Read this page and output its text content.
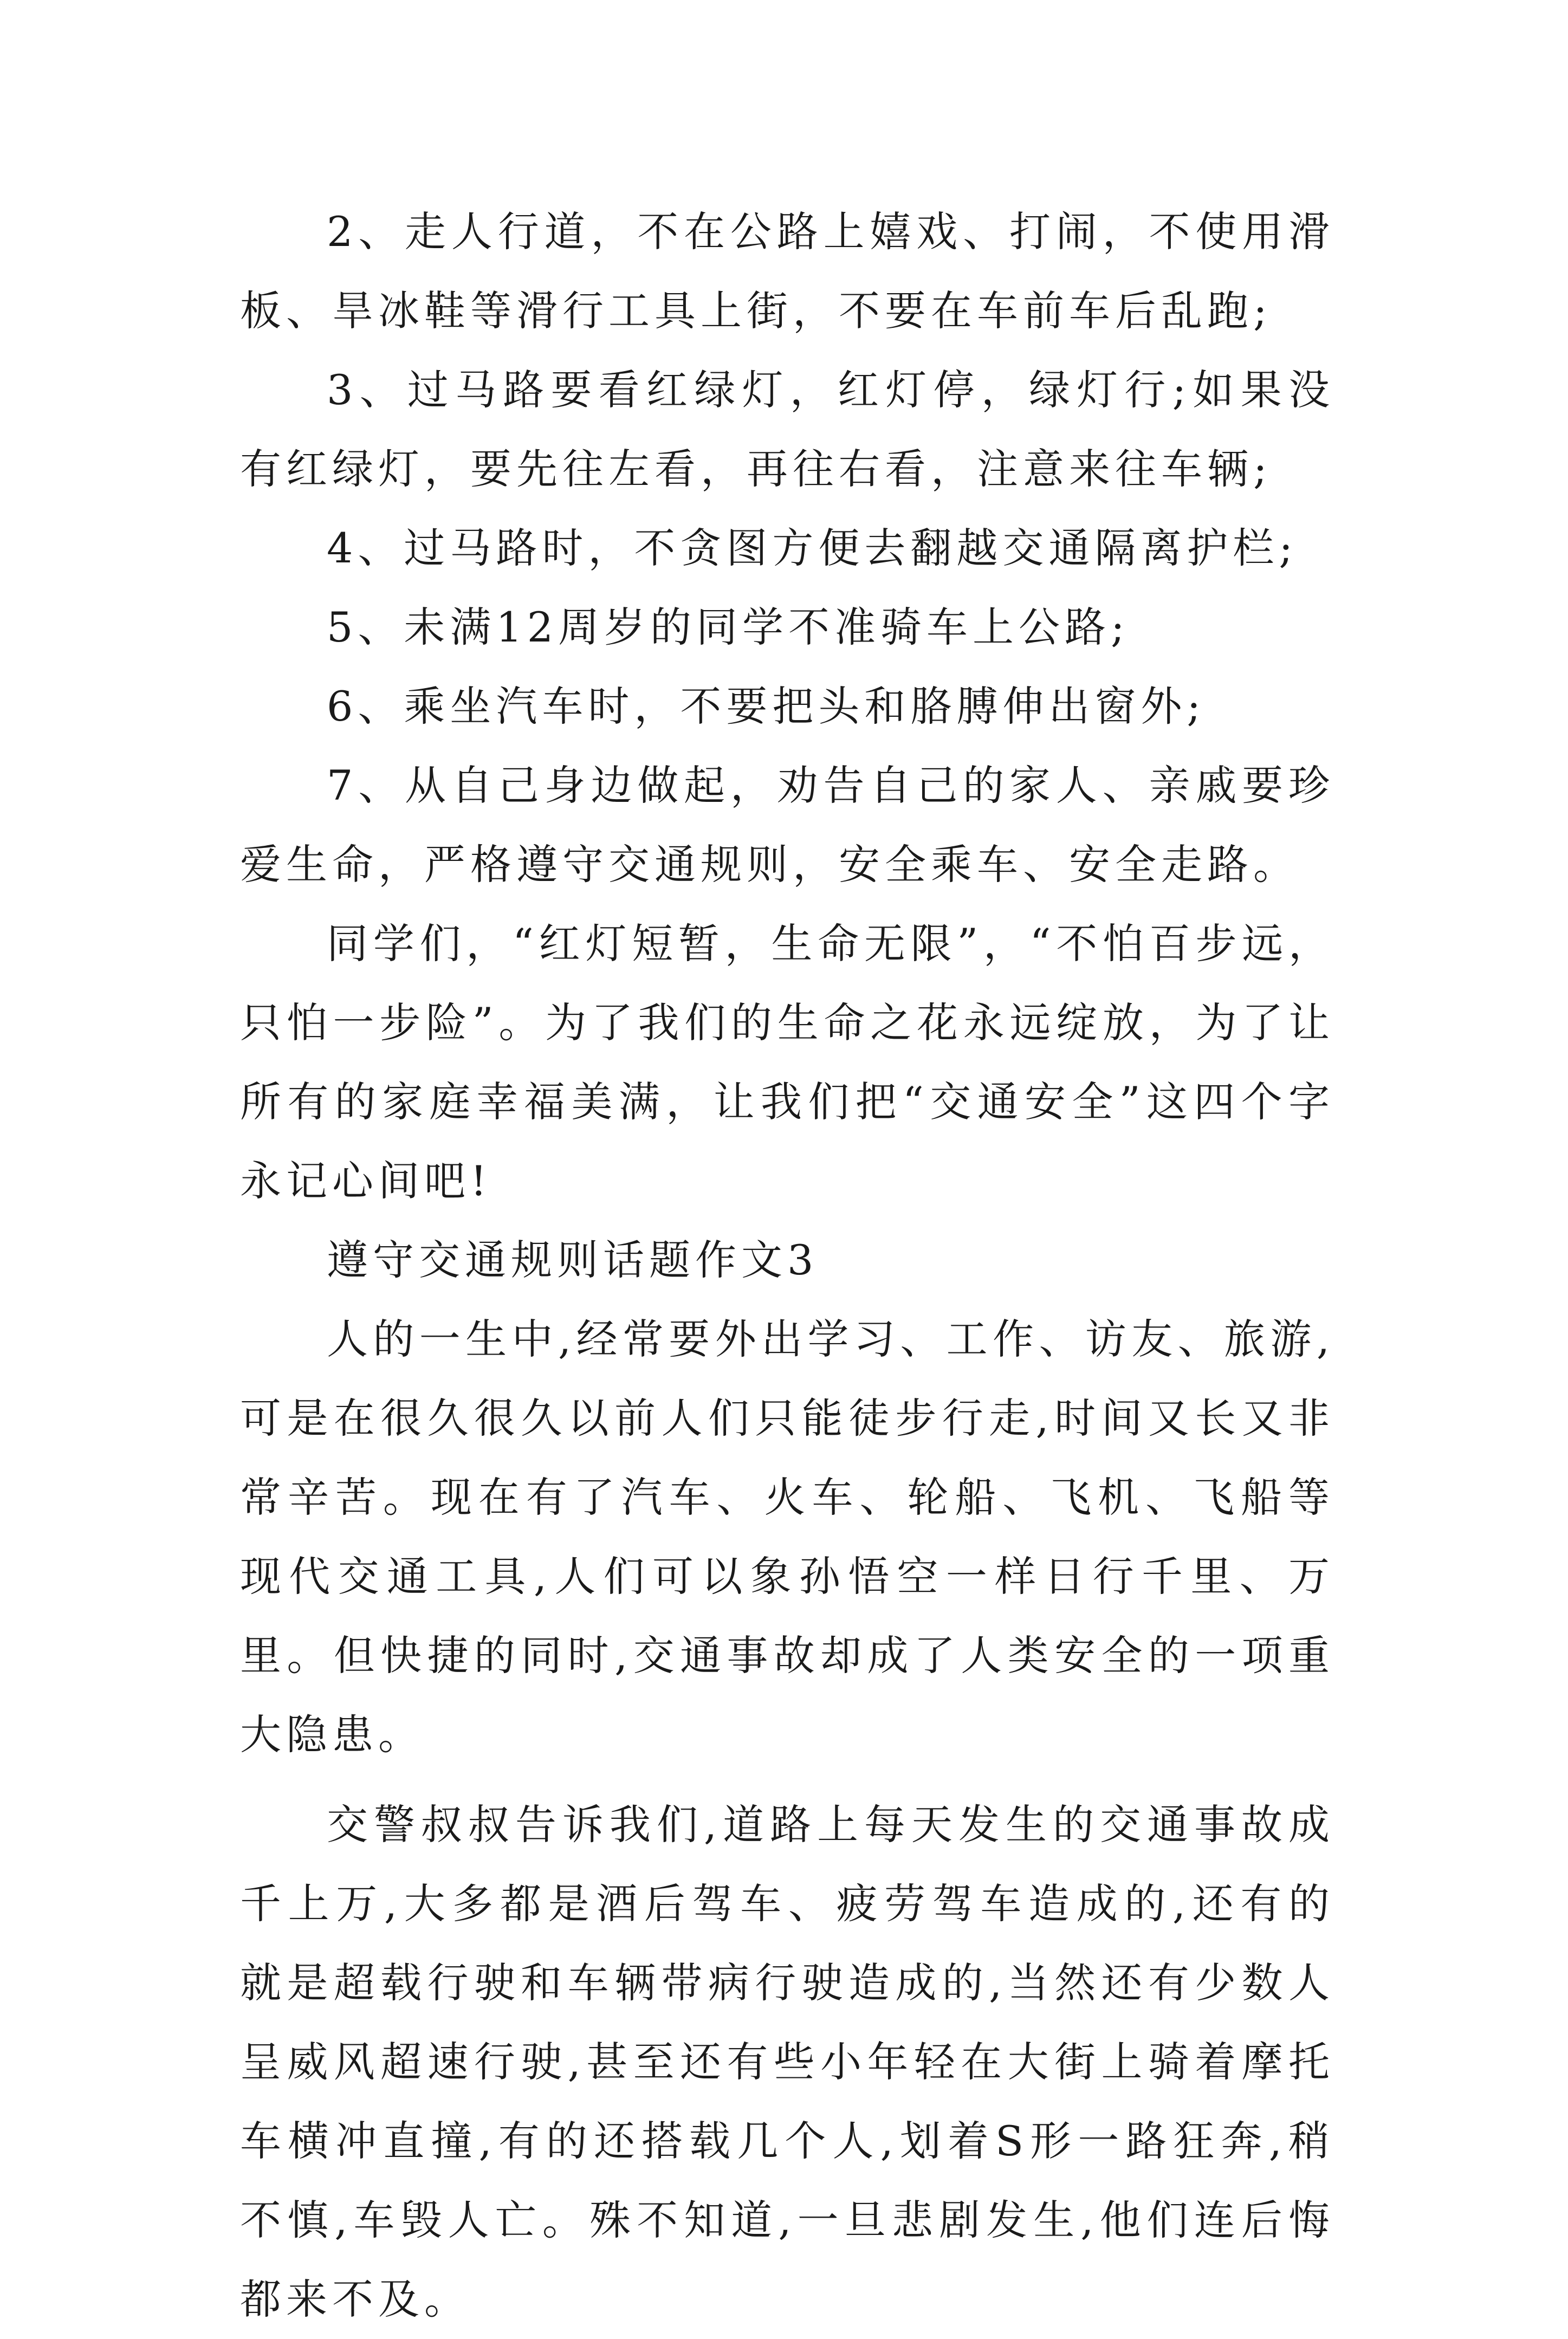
2、走人行道，不在公路上嬉戏、打闹，不使用滑板、旱冰鞋等滑行工具上街，不要在车前车后乱跑;

3、过马路要看红绿灯，红灯停，绿灯行;如果没有红绿灯，要先往左看，再往右看，注意来往车辆;

4、过马路时，不贪图方便去翻越交通隔离护栏;

5、未满12周岁的同学不准骑车上公路;

6、乘坐汽车时，不要把头和胳膊伸出窗外;

7、从自己身边做起，劝告自己的家人、亲戚要珍爱生命，严格遵守交通规则，安全乘车、安全走路。

同学们，“红灯短暂，生命无限”，“不怕百步远，只怕一步险”。为了我们的生命之花永远绽放，为了让所有的家庭幸福美满，让我们把“交通安全”这四个字永记心间吧!

遵守交通规则话题作文3

人的一生中,经常要外出学习、工作、访友、旅游,可是在很久很久以前人们只能徒步行走,时间又长又非常辛苦。现在有了汽车、火车、轮船、飞机、飞船等现代交通工具,人们可以象孙悟空一样日行千里、万里。但快捷的同时,交通事故却成了人类安全的一项重大隐患。

交警叔叔告诉我们,道路上每天发生的交通事故成千上万,大多都是酒后驾车、疲劳驾车造成的,还有的就是超载行驶和车辆带病行驶造成的,当然还有少数人呈威风超速行驶,甚至还有些小年轻在大街上骑着摩托车横冲直撞,有的还搭载几个人,划着S形一路狂奔,稍不慎,车毁人亡。殊不知道,一旦悲剧发生,他们连后悔都来不及。
